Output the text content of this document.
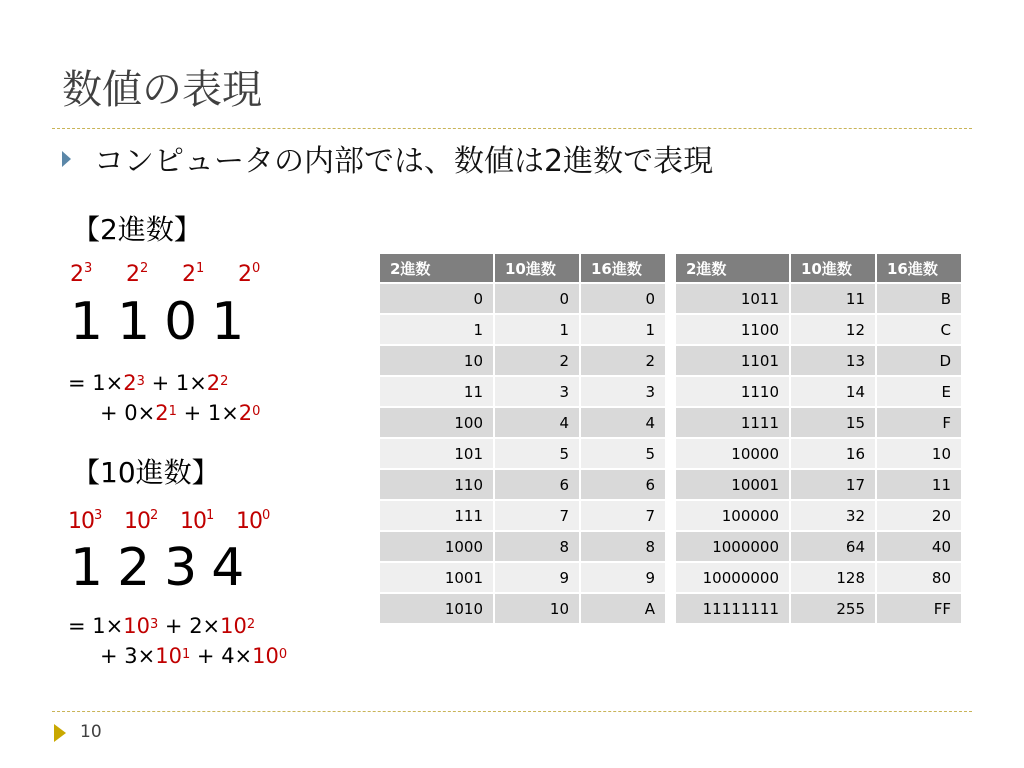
数値の表現
コンピュータの内部では、数値は2進数で表現
【2進数】
$2^3$ $2^2$ $2^1$ $2^0$
1101
= $1\times 2^3 + 1\times 2^2$
+ $0\times 2^1 + 1\times 2^0$
【10進数】
$10^3$ $10^2$ $10^1$ $10^0$
1234
= $1\times 10^3 + 2\times 10^2$
+ $3\times 10^1 + 4\times 10^0$
2進数	10進数	16進数
0	0	0
1	1	1
10	2	2
11	3	3
100	4	4
101	5	5
110	6	6
111	7	7
1000	8	8
1001	9	9
1010	10	A
2進数	10進数	16進数
1011	11	B
1100	12	C
1101	13	D
1110	14	E
1111	15	F
10000	16	10
10001	17	11
100000	32	20
1000000	64	40
10000000	128	80
11111111	255	FF
10
